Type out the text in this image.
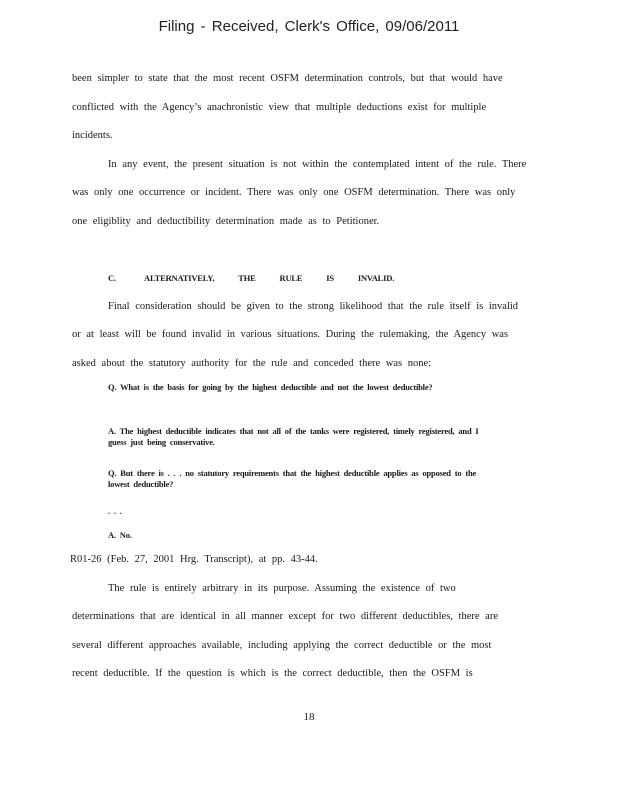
Filing - Received, Clerk's Office, 09/06/2011
been simpler to state that the most recent OSFM determination controls, but that would have
conflicted with the Agency’s anachronistic view that multiple deductions exist for multiple
incidents.
In any event, the present situation is not within the contemplated intent of the rule. There
was only one occurrence or incident. There was only one OSFM determination. There was only
one eligiblity and deductibility determination made as to Petitioner.
C.	ALTERNATIVELY, THE RULE IS INVALID.
Final consideration should be given to the strong likelihood that the rule itself is invalid
or at least will be found invalid in various situations. During the rulemaking, the Agency was
asked about the statutory authority for the rule and conceded there was none:
Q. What is the basis for going by the highest deductible and not the lowest deductible?
A. The highest deductible indicates that not all of the tanks were registered, timely registered, and I guess just being conservative.
Q. But there is . . . no statutory requirements that the highest deductible applies as opposed to the lowest deductible?
. . .
A. No.
R01-26 (Feb. 27, 2001 Hrg. Transcript), at pp. 43-44.
The rule is entirely arbitrary in its purpose. Assuming the existence of two
determinations that are identical in all manner except for two different deductibles, there are
several different approaches available, including applying the correct deductible or the most
recent deductible. If the question is which is the correct deductible, then the OSFM is
18
